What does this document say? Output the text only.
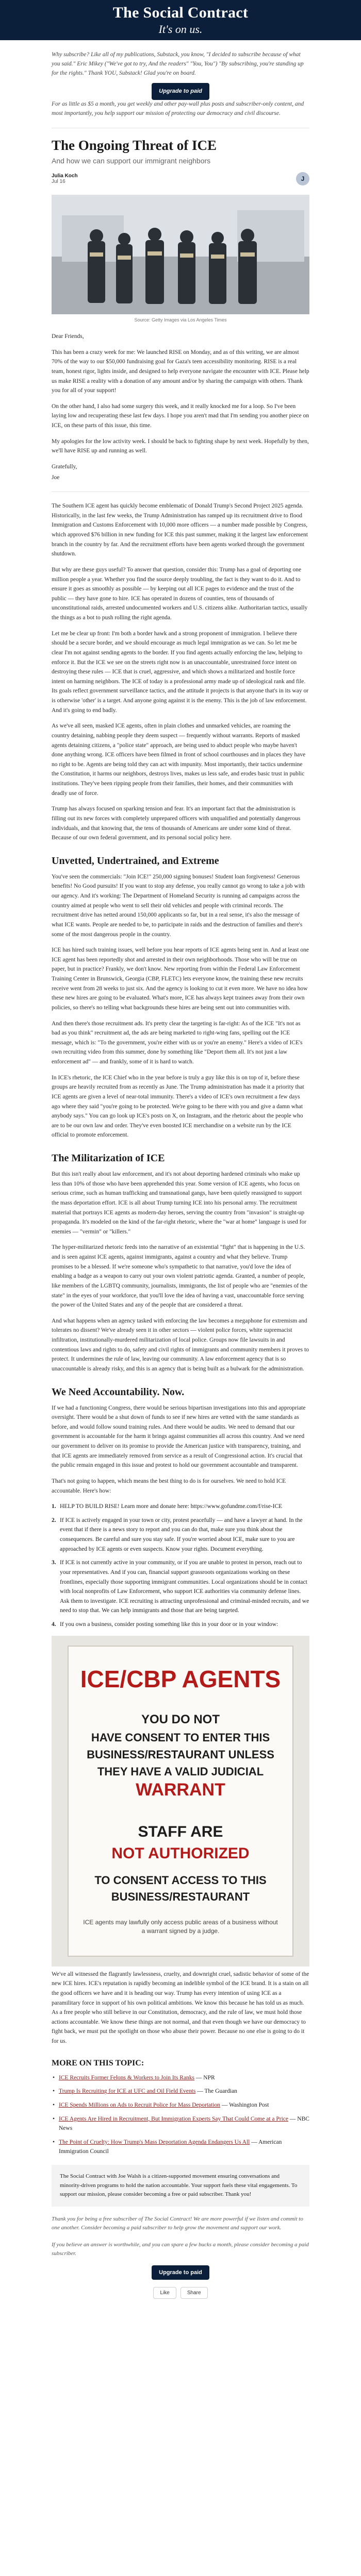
The Social Contract
It's on us.

Why subscribe? Like all of my publications, Substack, you know, "I decided to subscribe because of what you said." Eric Mikey ("We've got to try, And the readers" "You, You") "By subscribing, you're standing up for the rights." Thank YOU, Substack! Glad you're on board.

Upgrade to paid

For as little as $5 a month, you get weekly and other pay-wall plus posts and subscriber-only content, and most importantly, you help support our mission of protecting our democracy and civil discourse.

The Ongoing Threat of ICE
And how we can support our immigrant neighbors
Julia Koch
Jul 16	J

Source: Getty Images via Los Angeles Times

Dear Friends,

This has been a crazy week for me: We launched RISE on Monday, and as of this writing, we are almost 70% of the way to our $50,000 fundraising goal for Gaza's teen accessibility monitoring. RISE is a real team, honest rigor, lights inside, and designed to help everyone navigate the encounter with ICE. Please help us make RISE a reality with a donation of any amount and/or by sharing the campaign with others. Thank you for all of your support!

On the other hand, I also had some surgery this week, and it really knocked me for a loop. So I've been laying low and recuperating these last few days. I hope you aren't mad that I'm sending you another piece on ICE, on these parts of this issue, this time.

My apologies for the low activity week. I should be back to fighting shape by next week. Hopefully by then, we'll have RISE up and running as well.

Gratefully,

Joe

The Southern ICE agent has quickly become emblematic of Donald Trump's Second Project 2025 agenda. Historically, in the last few weeks, the Trump Administration has ramped up its recruitment drive to flood Immigration and Customs Enforcement with 10,000 more officers — a number made possible by Congress, which approved $76 billion in new funding for ICE this past summer, making it the largest law enforcement branch in the country by far. And the recruitment efforts have been agents worked through the government shutdown.

But why are these guys useful? To answer that question, consider this: Trump has a goal of deporting one million people a year. Whether you find the source deeply troubling, the fact is they want to do it. And to ensure it goes as smoothly as possible — by keeping out all ICE pages to evidence and the trust of the public — they have gone to hire. ICE has operated in dozens of counties, tens of thousands of unconstitutional raids, arrested undocumented workers and U.S. citizens alike. Authoritarian tactics, usually the things as a bot to push rolling the right agenda.

Let me be clear up front: I'm both a border hawk and a strong proponent of immigration. I believe there should be a secure border, and we should encourage as much legal immigration as we can. So let me be clear I'm not against sending agents to the border. If you find agents actually enforcing the law, helping to enforce it. But the ICE we see on the streets right now is an unaccountable, unrestrained force intent on destroying these rules — ICE that is cruel, aggressive, and which shows a militarized and hostile force intent on harming neighbors. The ICE of today is a professional army made up of ideological rank and file. Its goals reflect government surveillance tactics, and the attitude it projects is that anyone that's in its way or is otherwise 'other' is a target. And anyone going against it is the enemy. This is the job of law enforcement. And it's going to end badly.

As we've all seen, masked ICE agents, often in plain clothes and unmarked vehicles, are roaming the country detaining, nabbing people they deem suspect — frequently without warrants. Reports of masked agents detaining citizens, a "police state" approach, are being used to abduct people who maybe haven't done anything wrong. ICE officers have been filmed in front of school courthouses and in places they have no right to be. Agents are being told they can act with impunity. Most importantly, their tactics undermine the Constitution, it harms our neighbors, destroys lives, makes us less safe, and erodes basic trust in public institutions. They've been ripping people from their families, their homes, and their communities with deadly use of force.

Trump has always focused on sparking tension and fear. It's an important fact that the administration is filling out its new forces with completely unprepared officers with unqualified and potentially dangerous individuals, and that knowing that, the tens of thousands of Americans are under some kind of threat. Because of our own federal government, and its personal social policy here.

Unvetted, Undertrained, and Extreme

You've seen the commercials: "Join ICE!" 250,000 signing bonuses! Student loan forgiveness! Generous benefits! No Good pursuits! If you want to stop any defense, you really cannot go wrong to take a job with our agency. And it's working: The Department of Homeland Security is running ad campaigns across the country aimed at people who went to sell their old vehicles and people with criminal records. The recruitment drive has netted around 150,000 applicants so far, but in a real sense, it's also the message of what ICE wants. People are needed to be, to participate in raids and the destruction of families and there's some of the most dangerous people in the country.

ICE has hired such training issues, well before you hear reports of ICE agents being sent in. And at least one ICE agent has been reportedly shot and arrested in their own neighborhoods. Those who will be true on paper, but in practice? Frankly, we don't know. New reporting from within the Federal Law Enforcement Training Center in Brunswick, Georgia (CBP, FLETC) lets everyone know, the training these new recruits receive went from 28 weeks to just six. And the agency is looking to cut it even more. We have no idea how these new hires are going to be evaluated. What's more, ICE has always kept trainees away from their own policies, so there's no telling what backgrounds these hires are being sent out into communities with.

And then there's those recruitment ads. It's pretty clear the targeting is far-right: As of the ICE "It's not as bad as you think" recruitment ad, the ads are being marketed to right-wing fans, spelling out the ICE message, which is: "To the government, you're either with us or you're an enemy." Here's a video of ICE's own recruiting video from this summer, done by something like "Deport them all. It's not just a law enforcement ad" — and frankly, some of it is hard to watch.

In ICE's rhetoric, the ICE Chief who in the year before is truly a guy like this is on top of it, before these groups are heavily recruited from as recently as June. The Trump administration has made it a priority that ICE agents are given a level of near-total immunity. There's a video of ICE's own recruitment a few days ago where they said "you're going to be protected. We're going to be there with you and give a damn what anybody says." You can go look up ICE's posts on X, on Instagram, and the rhetoric about the people who are to be our own law and order. They've even boosted ICE merchandise on a website run by the ICE official to promote enforcement.

The Militarization of ICE

But this isn't really about law enforcement, and it's not about deporting hardened criminals who make up less than 10% of those who have been apprehended this year. Some version of ICE agents, who focus on serious crime, such as human trafficking and transnational gangs, have been quietly reassigned to support the mass deportation effort. ICE is all about Trump turning ICE into his personal army. The recruitment material that portrays ICE agents as modern-day heroes, serving the country from "invasion" is straight-up propaganda. It's modeled on the kind of the far-right rhetoric, where the "war at home" language is used for enemies — "vermin" or "killers."

The hyper-militarized rhetoric feeds into the narrative of an existential "fight" that is happening in the U.S. and is seen against ICE agents, against immigrants, against a country and what they believe. Trump promises to be a blessed. If we're someone who's sympathetic to that narrative, you'd love the idea of enabling a badge as a weapon to carry out your own violent patriotic agenda. Granted, a number of people, like members of the LGBTQ community, journalists, immigrants, the list of people who are "enemies of the state" in the eyes of your workforce, that you'll love the idea of having a vast, unaccountable force serving the power of the United States and any of the people that are considered a threat.

And what happens when an agency tasked with enforcing the law becomes a megaphone for extremism and tolerates no dissent? We've already seen it in other sectors — violent police forces, white supremacist infiltration, institutionally-murdered militarization of local police. Groups now file lawsuits in and contentious laws and rights to do, safety and civil rights of immigrants and community members it proves to protect. It undermines the rule of law, leaving our community. A law enforcement agency that is so unaccountable is already risky, and this is an agency that is being built as a bulwark for the administration.

We Need Accountability. Now.

If we had a functioning Congress, there would be serious bipartisan investigations into this and appropriate oversight. There would be a shut down of funds to see if new hires are vetted with the same standards as before, and would follow sound training rules. And there would be audits. We need to demand that our government is accountable for the harm it brings against communities all across this country. And we need our government to deliver on its promise to provide the American justice with transparency, training, and that ICE agents are immediately removed from service as a result of Congressional action. It's crucial that the public remain engaged in this issue and protest to hold our government accountable and transparent.

That's not going to happen, which means the best thing to do is for ourselves. We need to hold ICE accountable. Here's how:

1. HELP TO BUILD RISE! Learn more and donate here: https://www.gofundme.com/f/rise-ICE
2. If ICE is actively engaged in your town or city, protest peacefully — and have a lawyer at hand. In the event that if there is a news story to report and you can do that, make sure you think about the consequences. Be careful and sure you stay safe. If you're worried about ICE, make sure to you are approached by ICE agents or even suspects. Know your rights. Document everything.
3. If ICE is not currently active in your community, or if you are unable to protest in person, reach out to your representatives. And if you can, financial support grassroots organizations working on these frontlines, especially those supporting immigrant communities. Local organizations should be in contact with local nonprofits of Law Enforcement, who support ICE authorities via community defense lines. Ask them to investigate. ICE recruiting is attracting unprofessional and criminal-minded recruits, and we need to stop that. We can help immigrants and those that are being targeted.
4. If you own a business, consider posting something like this in your door or in your window:
ICE/CBP AGENTS
YOU DO NOT
HAVE CONSENT TO ENTER THIS
BUSINESS/RESTAURANT UNLESS
THEY HAVE A VALID JUDICIAL
WARRANT
STAFF ARE
NOT AUTHORIZED
TO CONSENT ACCESS TO THIS
BUSINESS/RESTAURANT
ICE agents may lawfully only access public areas of a business without a warrant signed by a judge.

We've all witnessed the flagrantly lawlessness, cruelty, and downright cruel, sadistic behavior of some of the new ICE hires. ICE's reputation is rapidly becoming an indelible symbol of the ICE brand. It is a stain on all the good officers we have and it is heading our way. Trump has every intention of using ICE as a paramilitary force in support of his own political ambitions. We know this because he has told us as much. As a free people who still believe in our Constitution, democracy, and the rule of law, we must hold those actions accountable. We know these things are not normal, and that even though we have our democracy to fight back, we must put the spotlight on those who abuse their power. Because no one else is going to do it for us.

MORE ON THIS TOPIC:
• ICE Recruits Former Felons & Workers to Join Its Ranks — NPR
• Trump Is Recruiting for ICE at UFC and Oil Field Events — The Guardian
• ICE Spends Millions on Ads to Recruit Police for Mass Deportation — Washington Post
• ICE Agents Are Hired in Recruitment, But Immigration Experts Say That Could Come at a Price — NBC News
• The Point of Cruelty: How Trump's Mass Deportation Agenda Endangers Us All — American Immigration Council
The Social Contract with Joe Walsh is a citizen-supported movement ensuring conversations and minority-driven programs to hold the nation accountable. Your support fuels these vital engagements. To support our mission, please consider becoming a free or paid subscriber. Thank you!
Thank you for being a free subscriber of The Social Contract! We are more powerful if we listen and commit to one another. Consider becoming a paid subscriber to help grow the movement and support our work.
If you believe an answer is worthwhile, and you can spare a few bucks a month, please consider becoming a paid subscriber.
Upgrade to paid
Like	Share
